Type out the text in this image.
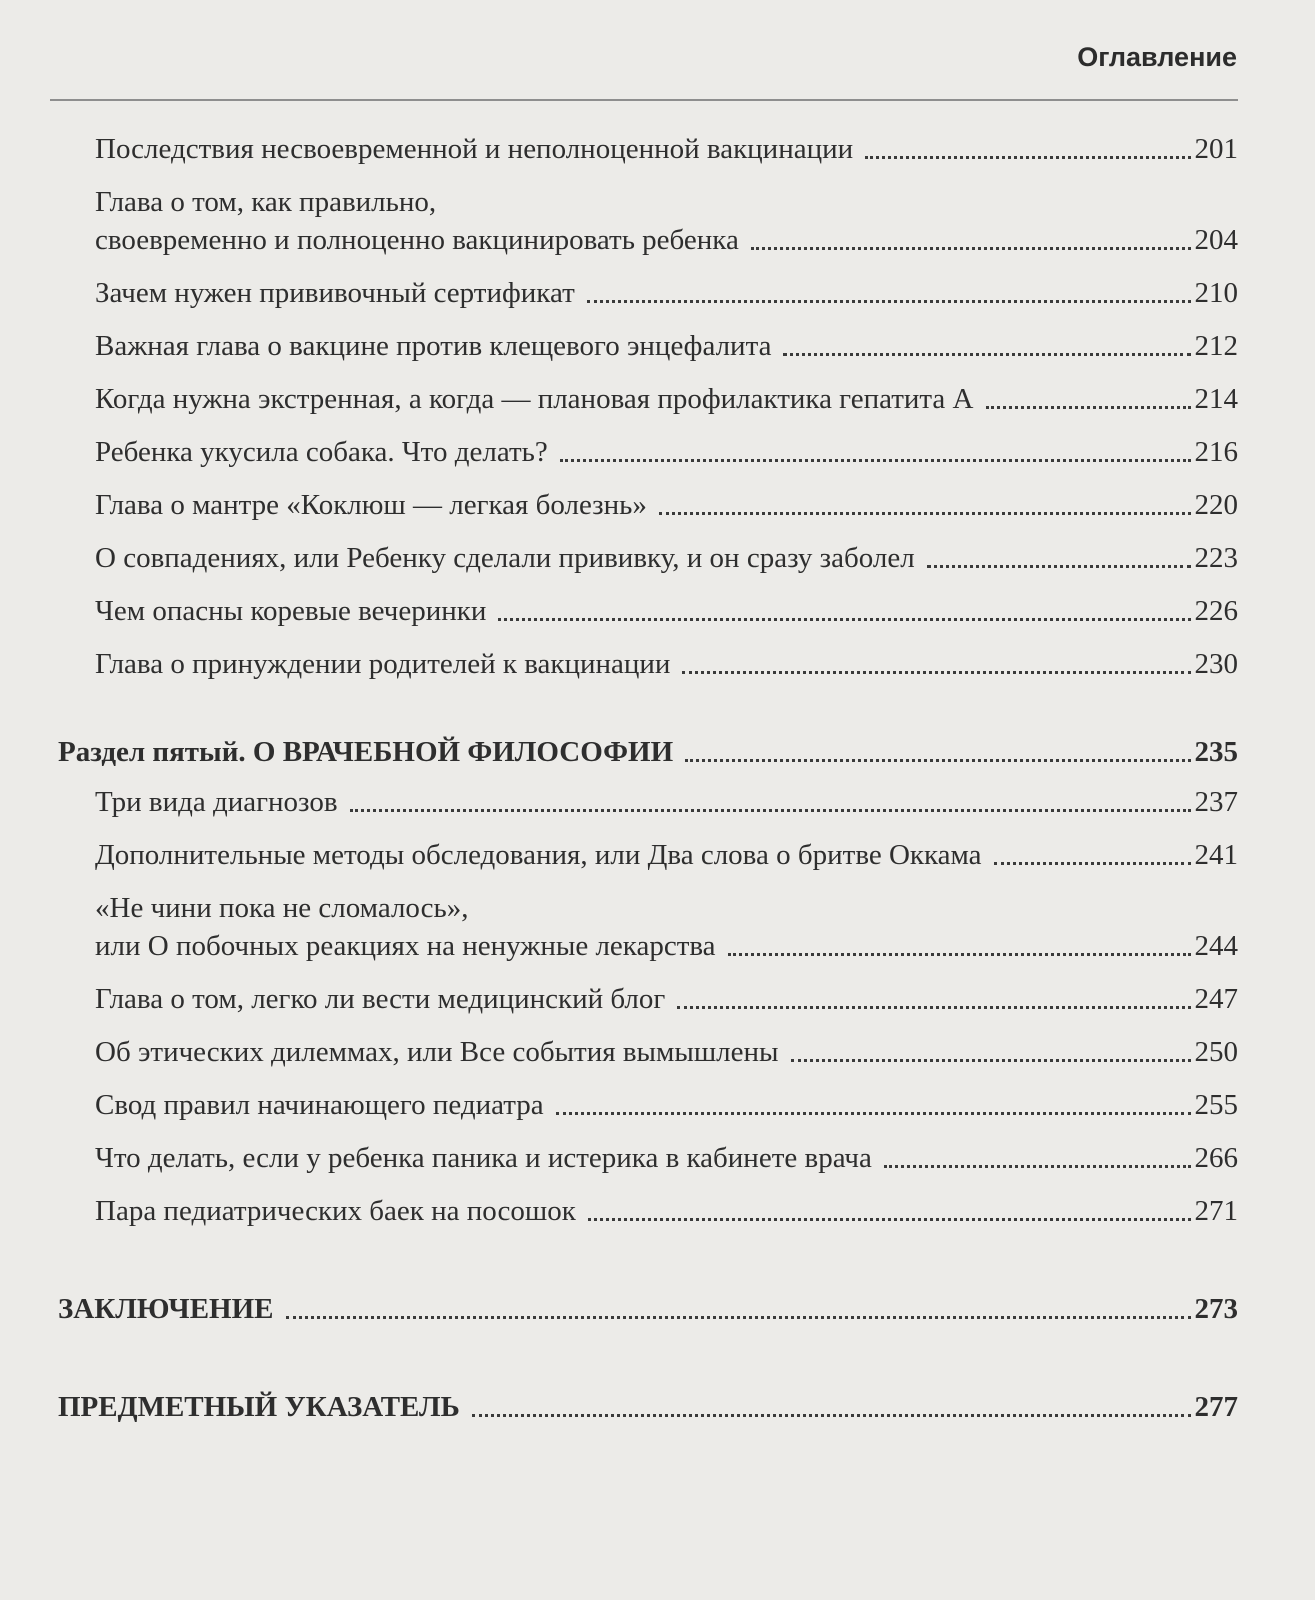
Оглавление
Последствия несвоевременной и неполноценной вакцинации	201
Глава о том, как правильно,
своевременно и полноценно вакцинировать ребенка	204
Зачем нужен прививочный сертификат	210
Важная глава о вакцине против клещевого энцефалита	212
Когда нужна экстренная, а когда — плановая профилактика гепатита А	214
Ребенка укусила собака. Что делать?	216
Глава о мантре «Коклюш — легкая болезнь»	220
О совпадениях, или Ребенку сделали прививку, и он сразу заболел	223
Чем опасны коревые вечеринки	226
Глава о принуждении родителей к вакцинации	230
Раздел пятый. О ВРАЧЕБНОЙ ФИЛОСОФИИ	235
Три вида диагнозов	237
Дополнительные методы обследования, или Два слова о бритве Оккама	241
«Не чини пока не сломалось»,
или О побочных реакциях на ненужные лекарства	244
Глава о том, легко ли вести медицинский блог	247
Об этических дилеммах, или Все события вымышлены	250
Свод правил начинающего педиатра	255
Что делать, если у ребенка паника и истерика в кабинете врача	266
Пара педиатрических баек на посошок	271
ЗАКЛЮЧЕНИЕ	273
ПРЕДМЕТНЫЙ УКАЗАТЕЛЬ	277
